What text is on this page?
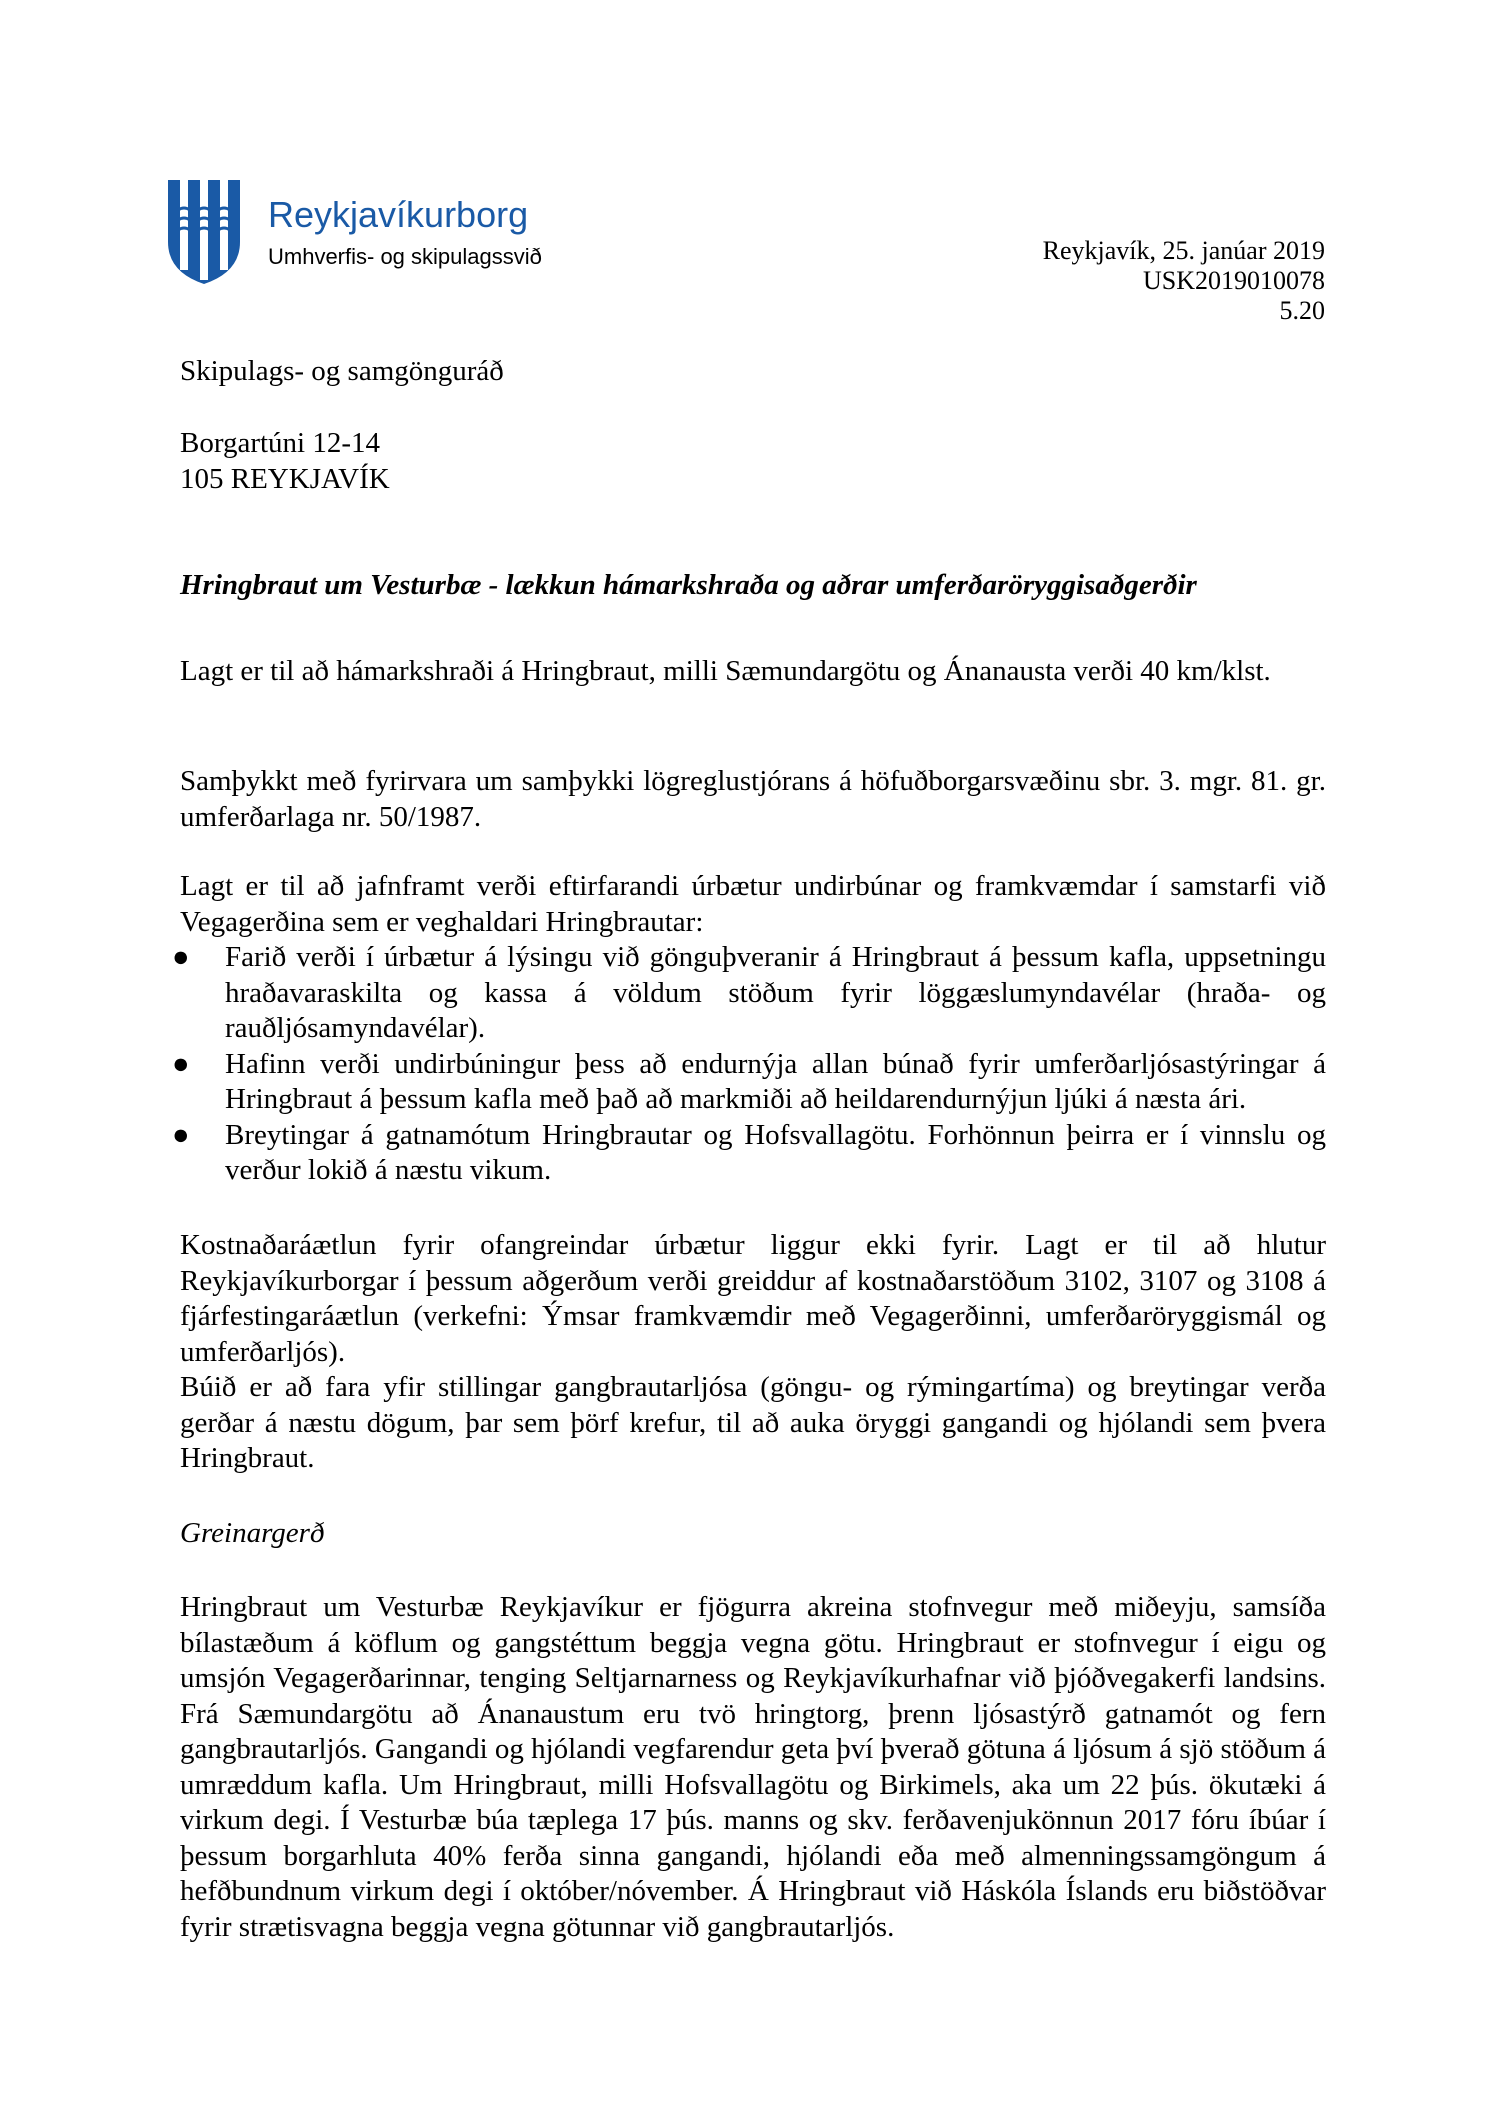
Reykjavíkurborg
Umhverfis- og skipulagssvið	Reykjavík, 25. janúar 2019
USK2019010078
5.20
Skipulags- og samgönguráð
Borgartúni 12-14
105 REYKJAVÍK
Hringbraut um Vesturbæ - lækkun hámarkshraða og aðrar umferðaröryggisaðgerðir

Lagt er til að hámarkshraði á Hringbraut, milli Sæmundargötu og Ánanausta verði 40 km/klst.

Samþykkt með fyrirvara um samþykki lögreglustjórans á höfuðborgarsvæðinu sbr. 3. mgr. 81. gr. umferðarlaga nr. 50/1987.

Lagt er til að jafnframt verði eftirfarandi úrbætur undirbúnar og framkvæmdar í samstarfi við Vegagerðina sem er veghaldari Hringbrautar:

● Farið verði í úrbætur á lýsingu við gönguþveranir á Hringbraut á þessum kafla, uppsetningu hraðavaraskilta og kassa á völdum stöðum fyrir löggæslumyndavélar (hraða- og rauðljósamyndavélar).
● Hafinn verði undirbúningur þess að endurnýja allan búnað fyrir umferðarljósastýringar á Hringbraut á þessum kafla með það að markmiði að heildarendurnýjun ljúki á næsta ári.
● Breytingar á gatnamótum Hringbrautar og Hofsvallagötu. Forhönnun þeirra er í vinnslu og verður lokið á næstu vikum.

Kostnaðaráætlun fyrir ofangreindar úrbætur liggur ekki fyrir. Lagt er til að hlutur Reykjavíkurborgar í þessum aðgerðum verði greiddur af kostnaðarstöðum 3102, 3107 og 3108 á fjárfestingaráætlun (verkefni: Ýmsar framkvæmdir með Vegagerðinni, umferðaröryggismál og umferðarljós).

Búið er að fara yfir stillingar gangbrautarljósa (göngu- og rýmingartíma) og breytingar verða gerðar á næstu dögum, þar sem þörf krefur, til að auka öryggi gangandi og hjólandi sem þvera Hringbraut.

Greinargerð

Hringbraut um Vesturbæ Reykjavíkur er fjögurra akreina stofnvegur með miðeyju, samsíða bílastæðum á köflum og gangstéttum beggja vegna götu. Hringbraut er stofnvegur í eigu og umsjón Vegagerðarinnar, tenging Seltjarnarness og Reykjavíkurhafnar við þjóðvegakerfi landsins. Frá Sæmundargötu að Ánanaustum eru tvö hringtorg, þrenn ljósastýrð gatnamót og fern gangbrautarljós. Gangandi og hjólandi vegfarendur geta því þverað götuna á ljósum á sjö stöðum á umræddum kafla. Um Hringbraut, milli Hofsvallagötu og Birkimels, aka um 22 þús. ökutæki á virkum degi. Í Vesturbæ búa tæplega 17 þús. manns og skv. ferðavenjukönnun 2017 fóru íbúar í þessum borgarhluta 40% ferða sinna gangandi, hjólandi eða með almenningssamgöngum á hefðbundnum virkum degi í október/nóvember. Á Hringbraut við Háskóla Íslands eru biðstöðvar fyrir strætisvagna beggja vegna götunnar við gangbrautarljós.
